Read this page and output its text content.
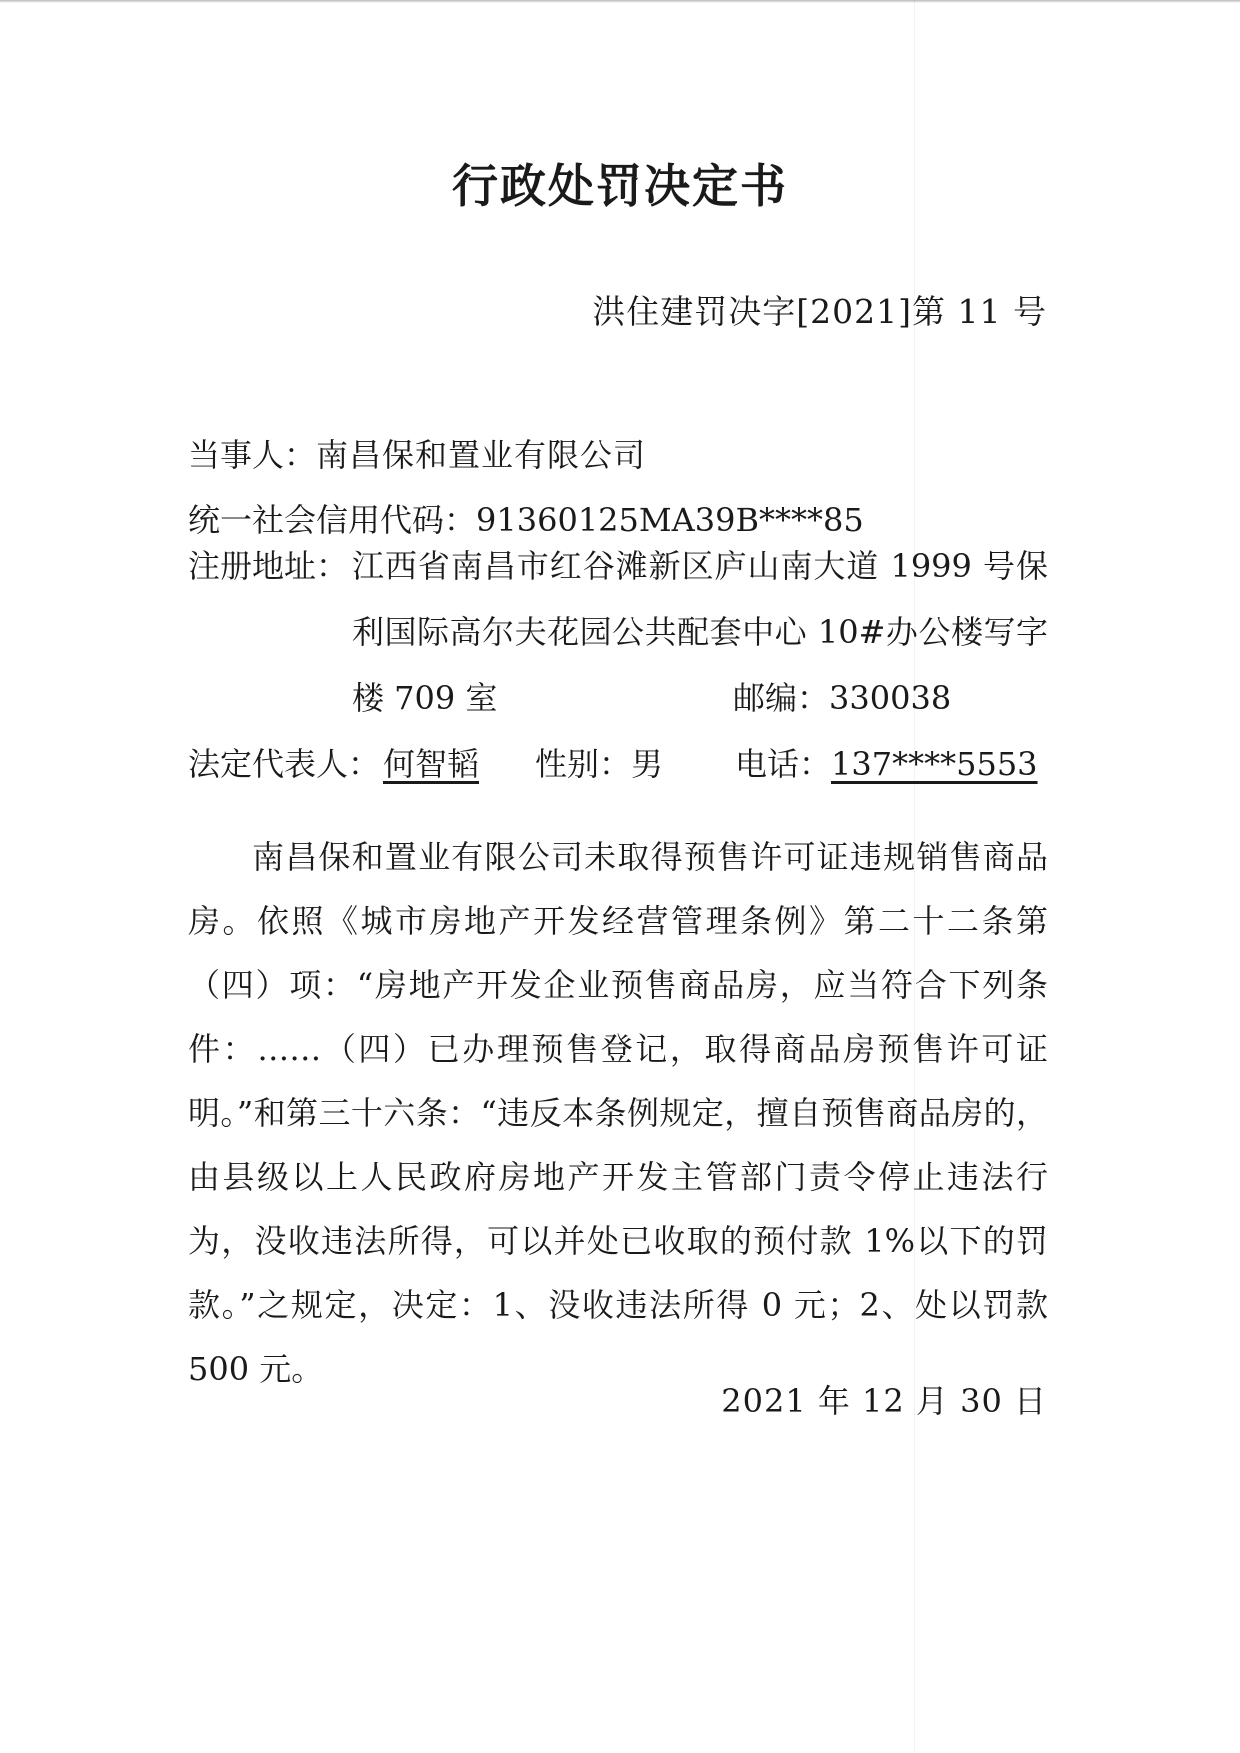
行政处罚决定书
洪住建罚决字[2021]第 11 号
当事人：南昌保和置业有限公司
统一社会信用代码：91360125MA39B****85
注册地址： 江西省南昌市红谷滩新区庐山南大道 1999 号保
利国际高尔夫花园公共配套中心 10#办公楼写字
楼 709 室	邮编：330038
法定代表人： 何智韬 性别：男 电话：137****5553

南昌保和置业有限公司未取得预售许可证违规销售商品房。依照《城市房地产开发经营管理条例》第二十二条第（四）项：“房地产开发企业预售商品房，应当符合下列条件：……（四）已办理预售登记，取得商品房预售许可证明。”和第三十六条：“违反本条例规定，擅自预售商品房的，由县级以上人民政府房地产开发主管部门责令停止违法行为，没收违法所得，可以并处已收取的预付款 1%以下的罚款。”之规定，决定：1、没收违法所得 0 元；2、处以罚款 500 元。

2021 年 12 月 30 日
